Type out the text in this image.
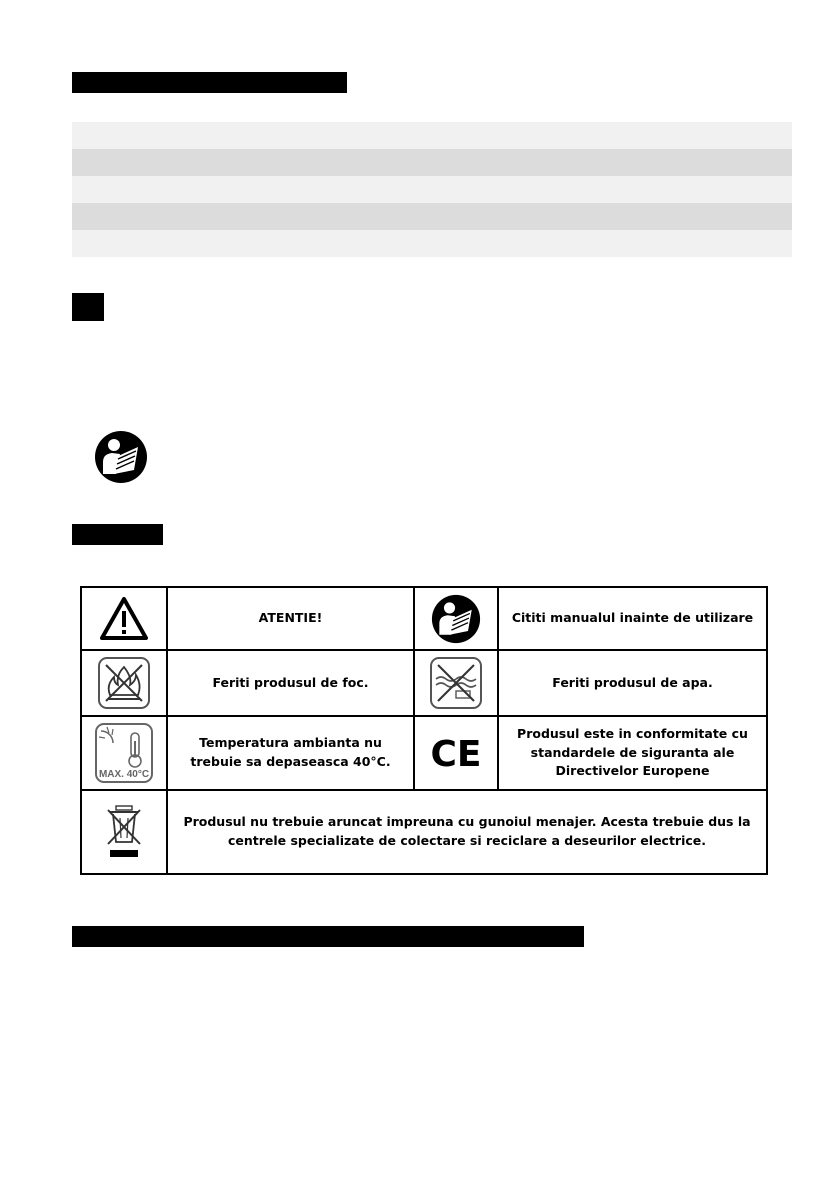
	ATENTIE!		Cititi manualul inainte de utilizare

	Feriti produsul de foc.		Feriti produsul de apa.

MAX. 40°C	Temperatura ambianta nu trebuie sa depaseasca 40°C.	CE	Produsul este in conformitate cu standardele de siguranta ale Directivelor Europene

	Produsul nu trebuie aruncat impreuna cu gunoiul menajer. Acesta trebuie dus la centrele specializate de colectare si reciclare a deseurilor electrice.		
